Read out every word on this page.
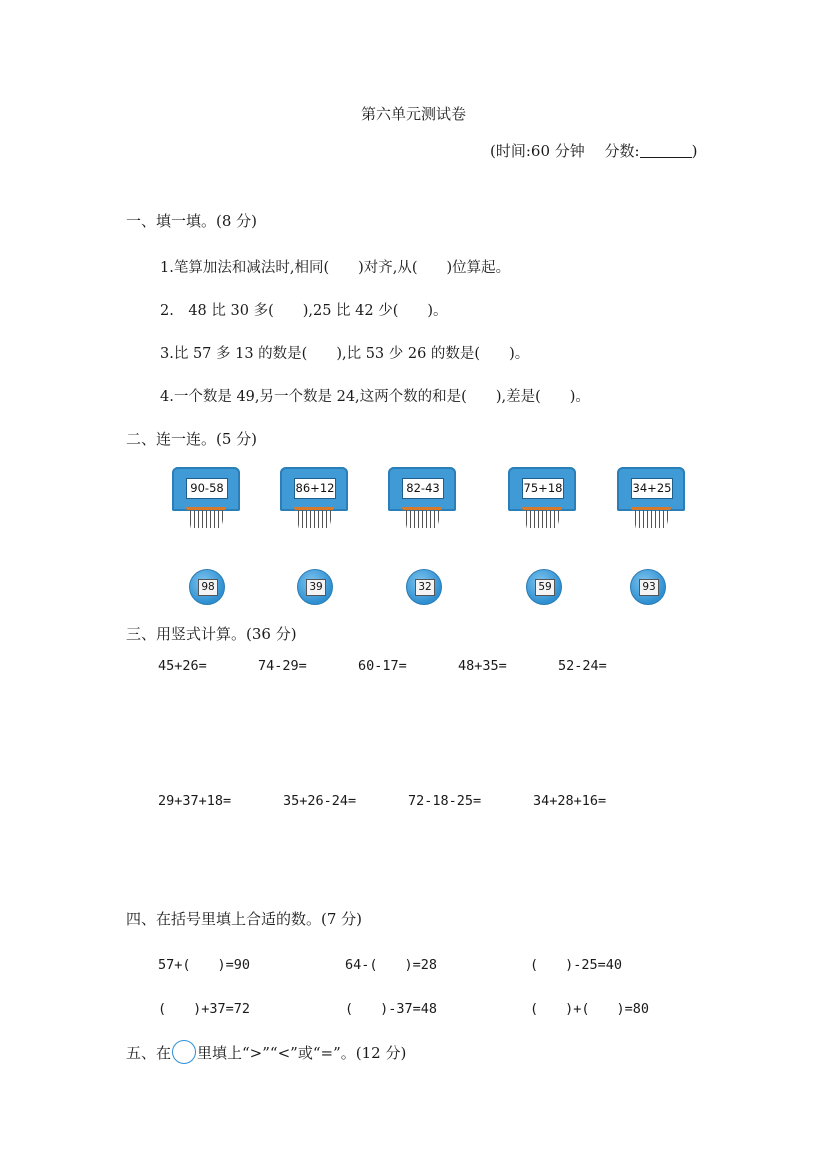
第六单元测试卷
(时间:60 分钟　 分数:	)
一、填一填。(8 分)
1.笔算加法和减法时,相同(　　)对齐,从(　　)位算起。
2.　48 比 30 多(　　),25 比 42 少(　　)。
3.比 57 多 13 的数是(　　),比 53 少 26 的数是(　　)。
4.一个数是 49,另一个数是 24,这两个数的和是(　　),差是(　　)。
二、连一连。(5 分)
90-58	86+12	82-43	75+18	34+25
98	39	32	59	93
三、用竖式计算。(36 分)
45+26=	74-29=	60-17=	48+35=	52-24=
29+37+18=	35+26-24=	72-18-25=	34+28+16=
四、在括号里填上合适的数。(7 分)
57+(　　)=90	64-(　　)=28	(　　)-25=40
(　　)+37=72	(　　)-37=48	(　　)+(　　)=80
五、在 里填上“>”“<”或“=”。(12 分)
